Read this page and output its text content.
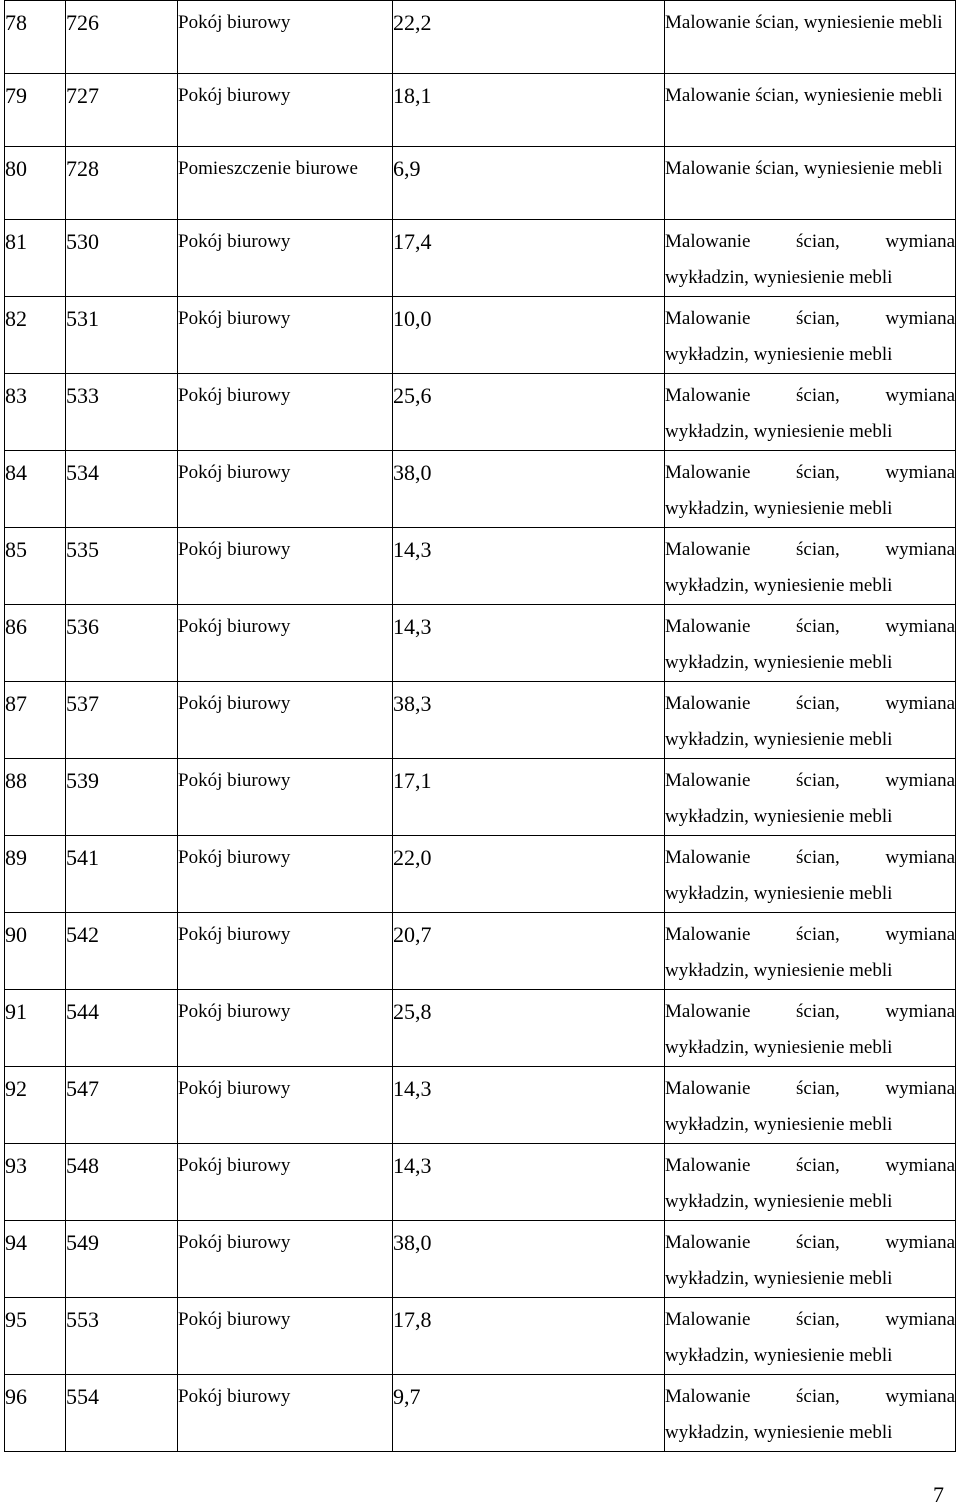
78	726	Pokój biurowy	22,2	Malowanie ścian, wyniesienie mebli

79	727	Pokój biurowy	18,1	Malowanie ścian, wyniesienie mebli

80	728	Pomieszczenie biurowe	6,9	Malowanie ścian, wyniesienie mebli

81	530	Pokój biurowy	17,4	Malowanie ścian, wymiana wykładzin, wyniesienie mebli

82	531	Pokój biurowy	10,0	Malowanie ścian, wymiana wykładzin, wyniesienie mebli

83	533	Pokój biurowy	25,6	Malowanie ścian, wymiana wykładzin, wyniesienie mebli

84	534	Pokój biurowy	38,0	Malowanie ścian, wymiana wykładzin, wyniesienie mebli

85	535	Pokój biurowy	14,3	Malowanie ścian, wymiana wykładzin, wyniesienie mebli

86	536	Pokój biurowy	14,3	Malowanie ścian, wymiana wykładzin, wyniesienie mebli

87	537	Pokój biurowy	38,3	Malowanie ścian, wymiana wykładzin, wyniesienie mebli

88	539	Pokój biurowy	17,1	Malowanie ścian, wymiana wykładzin, wyniesienie mebli

89	541	Pokój biurowy	22,0	Malowanie ścian, wymiana wykładzin, wyniesienie mebli

90	542	Pokój biurowy	20,7	Malowanie ścian, wymiana wykładzin, wyniesienie mebli

91	544	Pokój biurowy	25,8	Malowanie ścian, wymiana wykładzin, wyniesienie mebli

92	547	Pokój biurowy	14,3	Malowanie ścian, wymiana wykładzin, wyniesienie mebli

93	548	Pokój biurowy	14,3	Malowanie ścian, wymiana wykładzin, wyniesienie mebli

94	549	Pokój biurowy	38,0	Malowanie ścian, wymiana wykładzin, wyniesienie mebli

95	553	Pokój biurowy	17,8	Malowanie ścian, wymiana wykładzin, wyniesienie mebli

96	554	Pokój biurowy	9,7	Malowanie ścian, wymiana wykładzin, wyniesienie mebli
7
